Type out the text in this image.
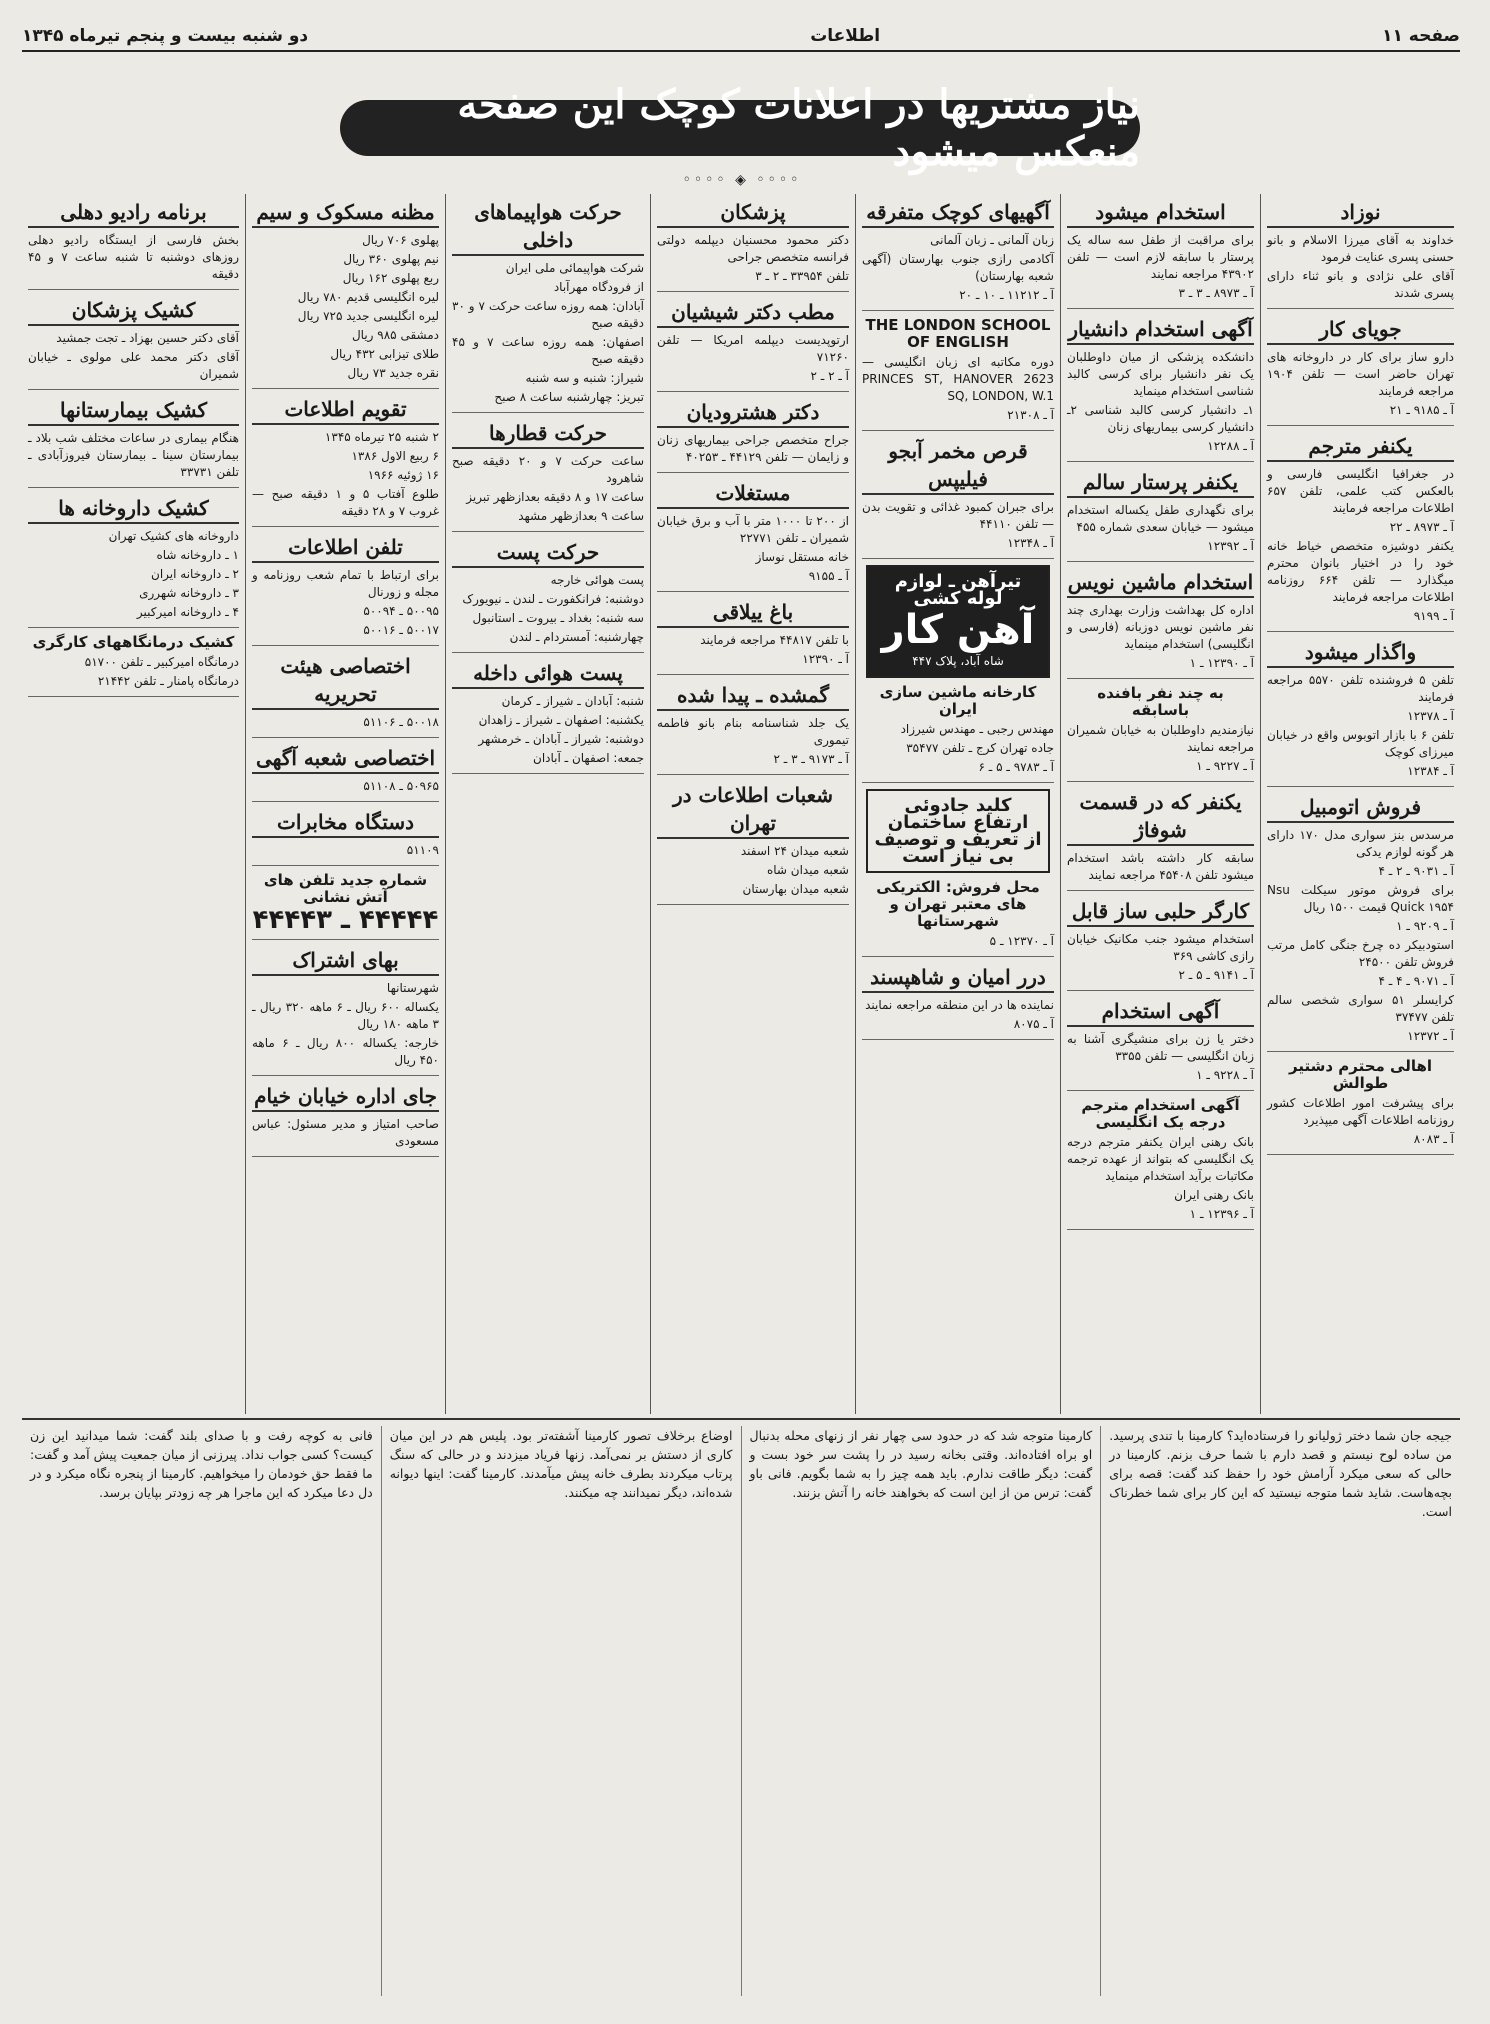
صفحه ۱۱
اطلاعات
دو شنبه بیست و پنجم تیرماه ۱۳۴۵
نیاز مشتریها در اعلانات کوچک این صفحه منعکس میشود
◦◦◦◦ ◈ ◦◦◦◦
نوزاد
خداوند به آقای میرزا الاسلام و بانو حسنی پسری عنایت فرمود
آقای علی نژادی و بانو ثناء دارای پسری شدند
جویای کار
دارو ساز برای کار در داروخانه های تهران حاضر است — تلفن ۱۹۰۴ مراجعه فرمایند
آ ـ ۹۱۸۵ ـ ۲۱
یکنفر مترجم
در جغرافیا انگلیسی فارسی و بالعکس کتب علمی، تلفن ۶۵۷ اطلاعات مراجعه فرمایند
آ ـ ۸۹۷۳ ـ ۲۲
یکنفر دوشیزه متخصص خیاط خانه خود را در اختیار بانوان محترم میگذارد — تلفن ۶۶۴ روزنامه اطلاعات مراجعه فرمایند
آ ـ ۹۱۹۹
واگذار میشود
تلفن ۵ فروشنده تلفن ۵۵۷۰ مراجعه فرمایند
آ ـ ۱۲۳۷۸
تلفن ۶ با بازار اتوبوس واقع در خیابان میرزای کوچک
آ ـ ۱۲۳۸۴
فروش اتومبیل
مرسدس بنز سواری مدل ۱۷۰ دارای هر گونه لوازم یدکی
آ ـ ۹۰۳۱ ـ ۲ ـ ۴
برای فروش موتور سیکلت Nsu Quick ۱۹۵۴ قیمت ۱۵۰۰ ریال
آ ـ ۹۲۰۹ ـ ۱
استودبیکر ده چرخ جنگی کامل مرتب فروش تلفن ۲۴۵۰۰
آ ـ ۹۰۷۱ ـ ۴ ـ ۴
کرایسلر ۵۱ سواری شخصی سالم تلفن ۳۷۴۷۷
آ ـ ۱۲۳۷۲
اهالی محترم دشتیر طوالش
برای پیشرفت امور اطلاعات کشور روزنامه اطلاعات آگهی میپذیرد
آ ـ ۸۰۸۳
استخدام میشود
برای مراقبت از طفل سه ساله یک پرستار با سابقه لازم است — تلفن ۴۳۹۰۲ مراجعه نمایند
آ ـ ۸۹۷۳ ـ ۳ ـ ۳
آگهی استخدام دانشیار
دانشکده پزشکی از میان داوطلبان یک نفر دانشیار برای کرسی کالبد شناسی استخدام مینماید
۱ـ دانشیار کرسی کالبد شناسی ۲ـ دانشیار کرسی بیماریهای زنان
آ ـ ۱۲۲۸۸
یکنفر پرستار سالم
برای نگهداری طفل یکساله استخدام میشود — خیابان سعدی شماره ۴۵۵
آ ـ ۱۲۳۹۲
استخدام ماشین نویس
اداره کل بهداشت وزارت بهداری چند نفر ماشین نویس دوزبانه (فارسی و انگلیسی) استخدام مینماید
آ ـ ۱۲۳۹۰ ـ ۱
به چند نفر بافنده باسابقه
نیازمندیم داوطلبان به خیابان شمیران مراجعه نمایند
آ ـ ۹۲۲۷ ـ ۱
یکنفر که در قسمت شوفاژ
سابقه کار داشته باشد استخدام میشود تلفن ۴۵۴۰۸ مراجعه نمایند
کارگر حلبی ساز قابل
استخدام میشود جنب مکانیک خیابان رازی کاشی ۳۶۹
آ ـ ۹۱۴۱ ـ ۵ ـ ۲
آگهی استخدام
دختر یا زن برای منشیگری آشنا به زبان انگلیسی — تلفن ۳۳۵۵
آ ـ ۹۲۲۸ ـ ۱
آگهی استخدام مترجم درجه یک انگلیسی
بانک رهنی ایران یکنفر مترجم درجه یک انگلیسی که بتواند از عهده ترجمه مکاتبات برآید استخدام مینماید
بانک رهنی ایران
آ ـ ۱۲۳۹۶ ـ ۱
آگهیهای کوچک متفرقه
زبان آلمانی ـ زبان آلمانی
آکادمی رازی جنوب بهارستان (آگهی شعبه بهارستان)
آ ـ ۱۱۲۱۲ ـ ۱۰ ـ ۲۰
THE LONDON SCHOOL OF ENGLISH
دوره مکاتبه ای زبان انگلیسی — 2623 PRINCES ST, HANOVER SQ, LONDON, W.1
آ ـ ۲۱۳۰۸
قرص مخمر آبجو فیلیپس
برای جبران کمبود غذائی و تقویت بدن — تلفن ۴۴۱۱۰
آ ـ ۱۲۳۴۸
تیرآهن ـ لوازم لوله کشی
آهن کار
شاه آباد، پلاک ۴۴۷
کارخانه ماشین سازی ایران
مهندس رجبی ـ مهندس شیرزاد
جاده تهران کرج ـ تلفن ۳۵۴۷۷
آ ـ ۹۷۸۳ ـ ۵ ـ ۶
کلید جادوئی
ارتفاع ساختمان
از تعریف و توصیف
بی نیاز است
محل فروش: الکتریکی های معتبر تهران و شهرستانها
آ ـ ۱۲۳۷۰ ـ ۵
درر امیان و شاهپسند
نماینده ها در این منطقه مراجعه نمایند
آ ـ ۸۰۷۵
پزشکان
دکتر محمود محسنیان دیپلمه دولتی فرانسه متخصص جراحی
تلفن ۳۳۹۵۴ ـ ۲ ـ ۳
مطب دکتر شیشیان
ارتوپدیست دیپلمه امریکا — تلفن ۷۱۲۶۰
آ ـ ۲ ـ ۲
دکتر هشترودیان
جراح متخصص جراحی بیماریهای زنان و زایمان — تلفن ۴۴۱۲۹ ـ ۴۰۲۵۳
مستغلات
از ۲۰۰ تا ۱۰۰۰ متر با آب و برق خیابان شمیران ـ تلفن ۲۲۷۷۱
خانه مستقل نوساز
آ ـ ۹۱۵۵
باغ ییلاقی
با تلفن ۴۴۸۱۷ مراجعه فرمایند
آ ـ ۱۲۳۹۰
گمشده ـ پیدا شده
یک جلد شناسنامه بنام بانو فاطمه تیموری
آ ـ ۹۱۷۳ ـ ۳ ـ ۲
شعبات اطلاعات در تهران
شعبه میدان ۲۴ اسفند
شعبه میدان شاه
شعبه میدان بهارستان
حرکت هواپیماهای داخلی
شرکت هواپیمائی ملی ایران
از فرودگاه مهرآباد
آبادان: همه روزه ساعت حرکت ۷ و ۳۰ دقیقه صبح
اصفهان: همه روزه ساعت ۷ و ۴۵ دقیقه صبح
شیراز: شنبه و سه شنبه
تبریز: چهارشنبه ساعت ۸ صبح
حرکت قطارها
ساعت حرکت ۷ و ۲۰ دقیقه صبح شاهرود
ساعت ۱۷ و ۸ دقیقه بعدازظهر تبریز
ساعت ۹ بعدازظهر مشهد
حرکت پست
پست هوائی خارجه
دوشنبه: فرانکفورت ـ لندن ـ نیویورک
سه شنبه: بغداد ـ بیروت ـ استانبول
چهارشنبه: آمستردام ـ لندن
پست هوائی داخله
شنبه: آبادان ـ شیراز ـ کرمان
یکشنبه: اصفهان ـ شیراز ـ زاهدان
دوشنبه: شیراز ـ آبادان ـ خرمشهر
جمعه: اصفهان ـ آبادان
مظنه مسکوک و سیم
پهلوی ۷۰۶ ریال
نیم پهلوی ۳۶۰ ریال
ربع پهلوی ۱۶۲ ریال
لیره انگلیسی قدیم ۷۸۰ ریال
لیره انگلیسی جدید ۷۲۵ ریال
دمشقی ۹۸۵ ریال
طلای تیزابی ۴۳۲ ریال
نقره جدید ۷۳ ریال
تقویم اطلاعات
۲ شنبه ۲۵ تیرماه ۱۳۴۵
۶ ربیع الاول ۱۳۸۶
۱۶ ژوئیه ۱۹۶۶
طلوع آفتاب ۵ و ۱ دقیقه صبح — غروب ۷ و ۲۸ دقیقه
تلفن اطلاعات
برای ارتباط با تمام شعب روزنامه و مجله و زورنال
۵۰۰۹۵ ـ ۵۰۰۹۴
۵۰۰۱۷ ـ ۵۰۰۱۶
اختصاصی هیئت تحریریه
۵۰۰۱۸ ـ ۵۱۱۰۶
اختصاصی شعبه آگهی
۵۰۹۶۵ ـ ۵۱۱۰۸
دستگاه مخابرات
۵۱۱۰۹
شماره جدید تلفن های آتش نشانی
۴۴۴۴۴ ـ ۴۴۴۴۳
بهای اشتراک
شهرستانها
یکساله ۶۰۰ ریال ـ ۶ ماهه ۳۲۰ ریال ـ ۳ ماهه ۱۸۰ ریال
خارجه: یکساله ۸۰۰ ریال ـ ۶ ماهه ۴۵۰ ریال
جای اداره خیابان خیام
صاحب امتیاز و مدیر مسئول: عباس مسعودی
برنامه رادیو دهلی
بخش فارسی از ایستگاه رادیو دهلی روزهای دوشنبه تا شنبه ساعت ۷ و ۴۵ دقیقه
کشیک پزشکان
آقای دکتر حسین بهزاد ـ تجت جمشید
آقای دکتر محمد علی مولوی ـ خیابان شمیران
کشیک بیمارستانها
هنگام بیماری در ساعات مختلف شب بلاد ـ بیمارستان سینا ـ بیمارستان فیروزآبادی ـ تلفن ۳۳۷۳۱
کشیک داروخانه ها
داروخانه های کشیک تهران
۱ ـ داروخانه شاه
۲ ـ داروخانه ایران
۳ ـ داروخانه شهرری
۴ ـ داروخانه امیرکبیر
کشیک درمانگاههای کارگری
درمانگاه امیرکبیر ـ تلفن ۵۱۷۰۰
درمانگاه پامنار ـ تلفن ۲۱۴۴۲

جیجه‌ جان شما دختر ژولیانو را فرستاده‌اید؟ کارمینا با تندی پرسید. من ساده لوح نیستم و قصد دارم با شما حرف بزنم. کارمینا در حالی که سعی میکرد آرامش خود را حفظ کند گفت: قصه برای بچه‌هاست. شاید شما متوجه نیستید که این کار برای شما خطرناک است.

کارمینا متوجه شد که در حدود سی‌ چهار نفر از زنهای محله بدنبال او براه افتاده‌اند. وقتی بخانه رسید در را پشت سر خود بست و گفت: دیگر طاقت ندارم. باید همه چیز را به شما بگویم. فانی باو گفت: ترس من از این است که بخواهند خانه را آتش بزنند.

اوضاع برخلاف تصور کارمینا آشفته‌تر بود. پلیس هم در این میان کاری از دستش بر نمی‌آمد. زنها فریاد میزدند و در حالی که سنگ پرتاب میکردند بطرف خانه پیش میآمدند. کارمینا گفت: اینها دیوانه شده‌اند، دیگر نمیدانند چه میکنند.

فانی به کوچه رفت و با صدای بلند گفت: شما میدانید این زن کیست؟ کسی جواب نداد. پیرزنی از میان جمعیت پیش آمد و گفت: ما فقط حق خودمان را میخواهیم. کارمینا از پنجره نگاه میکرد و در دل دعا میکرد که این ماجرا هر چه زودتر بپایان برسد.
